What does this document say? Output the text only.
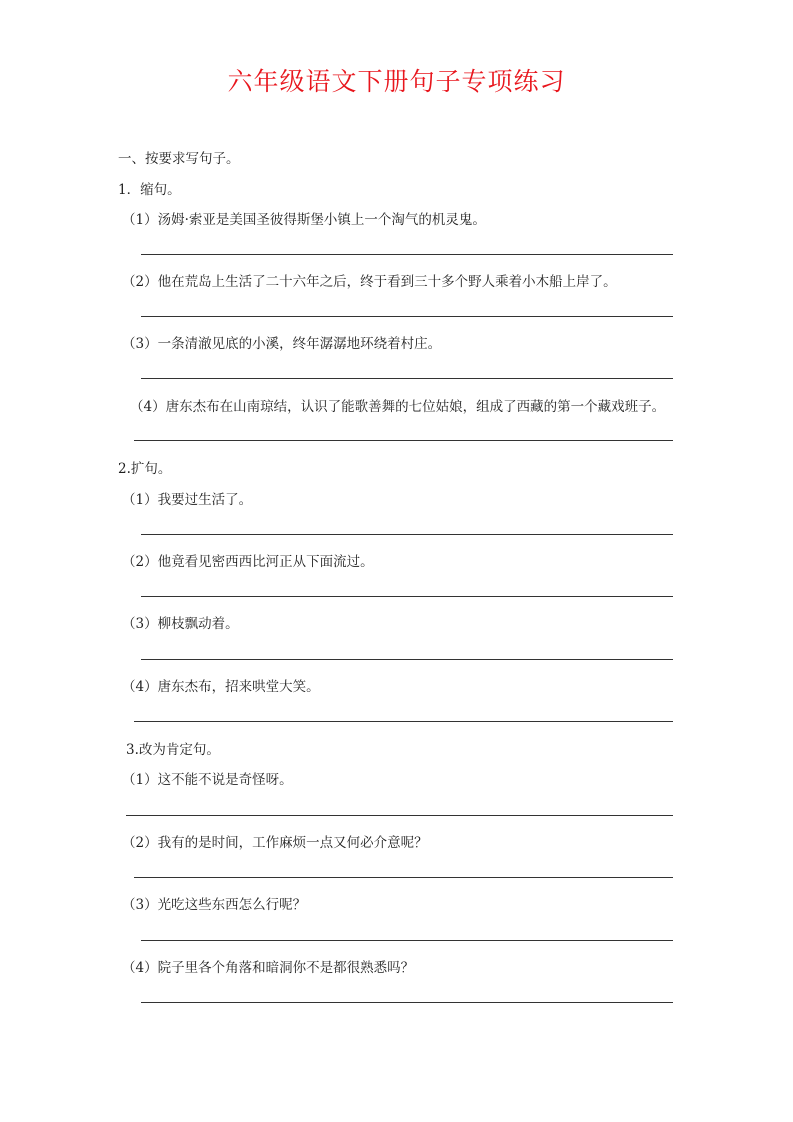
六年级语文下册句子专项练习
一、按要求写句子。
1．缩句。
（1）汤姆·索亚是美国圣彼得斯堡小镇上一个淘气的机灵鬼。
（2）他在荒岛上生活了二十六年之后，终于看到三十多个野人乘着小木船上岸了。
（3）一条清澈见底的小溪，终年潺潺地环绕着村庄。
（4）唐东杰布在山南琼结，认识了能歌善舞的七位姑娘，组成了西藏的第一个藏戏班子。
2.扩句。
（1）我要过生活了。
（2）他竟看见密西西比河正从下面流过。
（3）柳枝飘动着。
（4）唐东杰布，招来哄堂大笑。
3.改为肯定句。
（1）这不能不说是奇怪呀。
（2）我有的是时间，工作麻烦一点又何必介意呢？
（3）光吃这些东西怎么行呢？
（4）院子里各个角落和暗洞你不是都很熟悉吗？
